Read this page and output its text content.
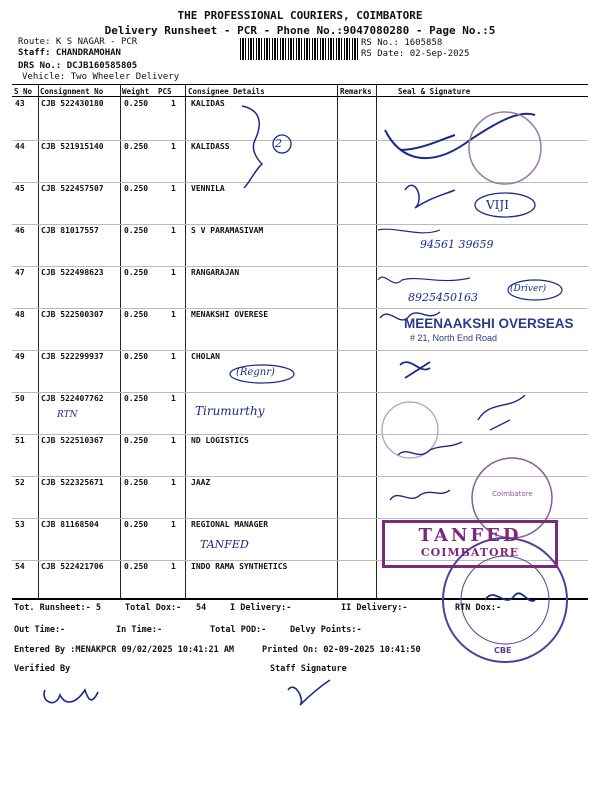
THE PROFESSIONAL COURIERS, COIMBATORE
Delivery Runsheet - PCR - Phone No.:9047080280 - Page No.:5
Route: K S NAGAR - PCR
Staff: CHANDRAMOHAN
DRS No.: DCJB160585805
Vehicle: Two Wheeler Delivery
RS No.: 1605858
RS Date: 02-Sep-2025
S No Consignment No	Weight PCS Consignee Details	Remarks	Seal & Signature
43 CJB 522430180	0.250	1 KALIDAS
44 CJB 521915140	0.250	1 KALIDASS
45 CJB 522457507	0.250	1 VENNILA
46 CJB 81017557	0.250	1 S V PARAMASIVAM
47 CJB 522498623	0.250	1 RANGARAJAN
48 CJB 522500307	0.250	1 MENAKSHI OVERESE
49 CJB 522299937	0.250	1 CHOLAN
50 CJB 522407762	0.250	1
51 CJB 522510367	0.250	1 ND LOGISTICS
52 CJB 522325671	0.250	1 JAAZ
53 CJB 81168504	0.250	1 REGIONAL MANAGER
54 CJB 522421706	0.250	1 INDO RAMA SYNTHETICS
2
VIJI
94561 39659
(Driver)
8925450163
(Regnr)
RTN	Tirumurthy
TANFED
MEENAAKSHI OVERSEAS
# 21, North End Road
TANFED
COIMBATORE
Coimbatore
CBE
Tot. Runsheet:- 5	Total Dox:- 54	I Delivery:-	II Delivery:-	RTN Dox:-
Out Time:-	In Time:-	Total POD:-	Delvy Points:-
Entered By :MENAKPCR 09/02/2025 10:41:21 AM	Printed On: 02-09-2025 10:41:50
Verified By	Staff Signature
